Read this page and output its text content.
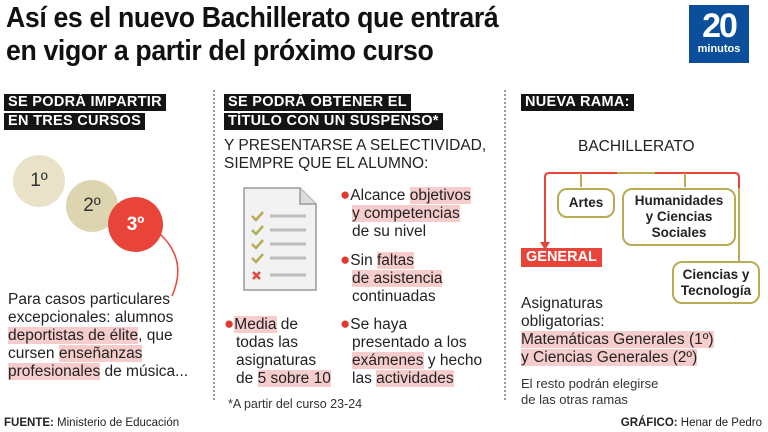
Así es el nuevo Bachillerato que entrará
en vigor a partir del próximo curso
20
minutos
SE PODRÁ IMPARTIR
EN TRES CURSOS
1º
2º
3º
Para casos particulares
excepcionales: alumnos
deportistas de élite, que
cursen enseñanzas
profesionales de música...
SE PODRÁ OBTENER EL
TÍTULO CON UN SUSPENSO*
Y PRESENTARSE A SELECTIVIDAD,
SIEMPRE QUE EL ALUMNO:
●Alcance objetivos
y competencias
de su nivel
●Sin faltas
de asistencia
continuadas
●Se haya
presentado a los
exámenes y hecho
las actividades
●Media de
todas las
asignaturas
de 5 sobre 10
*A partir del curso 23-24
NUEVA RAMA:
BACHILLERATO
Artes	Humanidades
y Ciencias
Sociales
Ciencias y
Tecnología
GENERAL
Asignaturas
obligatorias:
Matemáticas Generales (1º)
y Ciencias Generales (2º)
El resto podrán elegirse
de las otras ramas
FUENTE: Ministerio de Educación	GRÁFICO: Henar de Pedro
